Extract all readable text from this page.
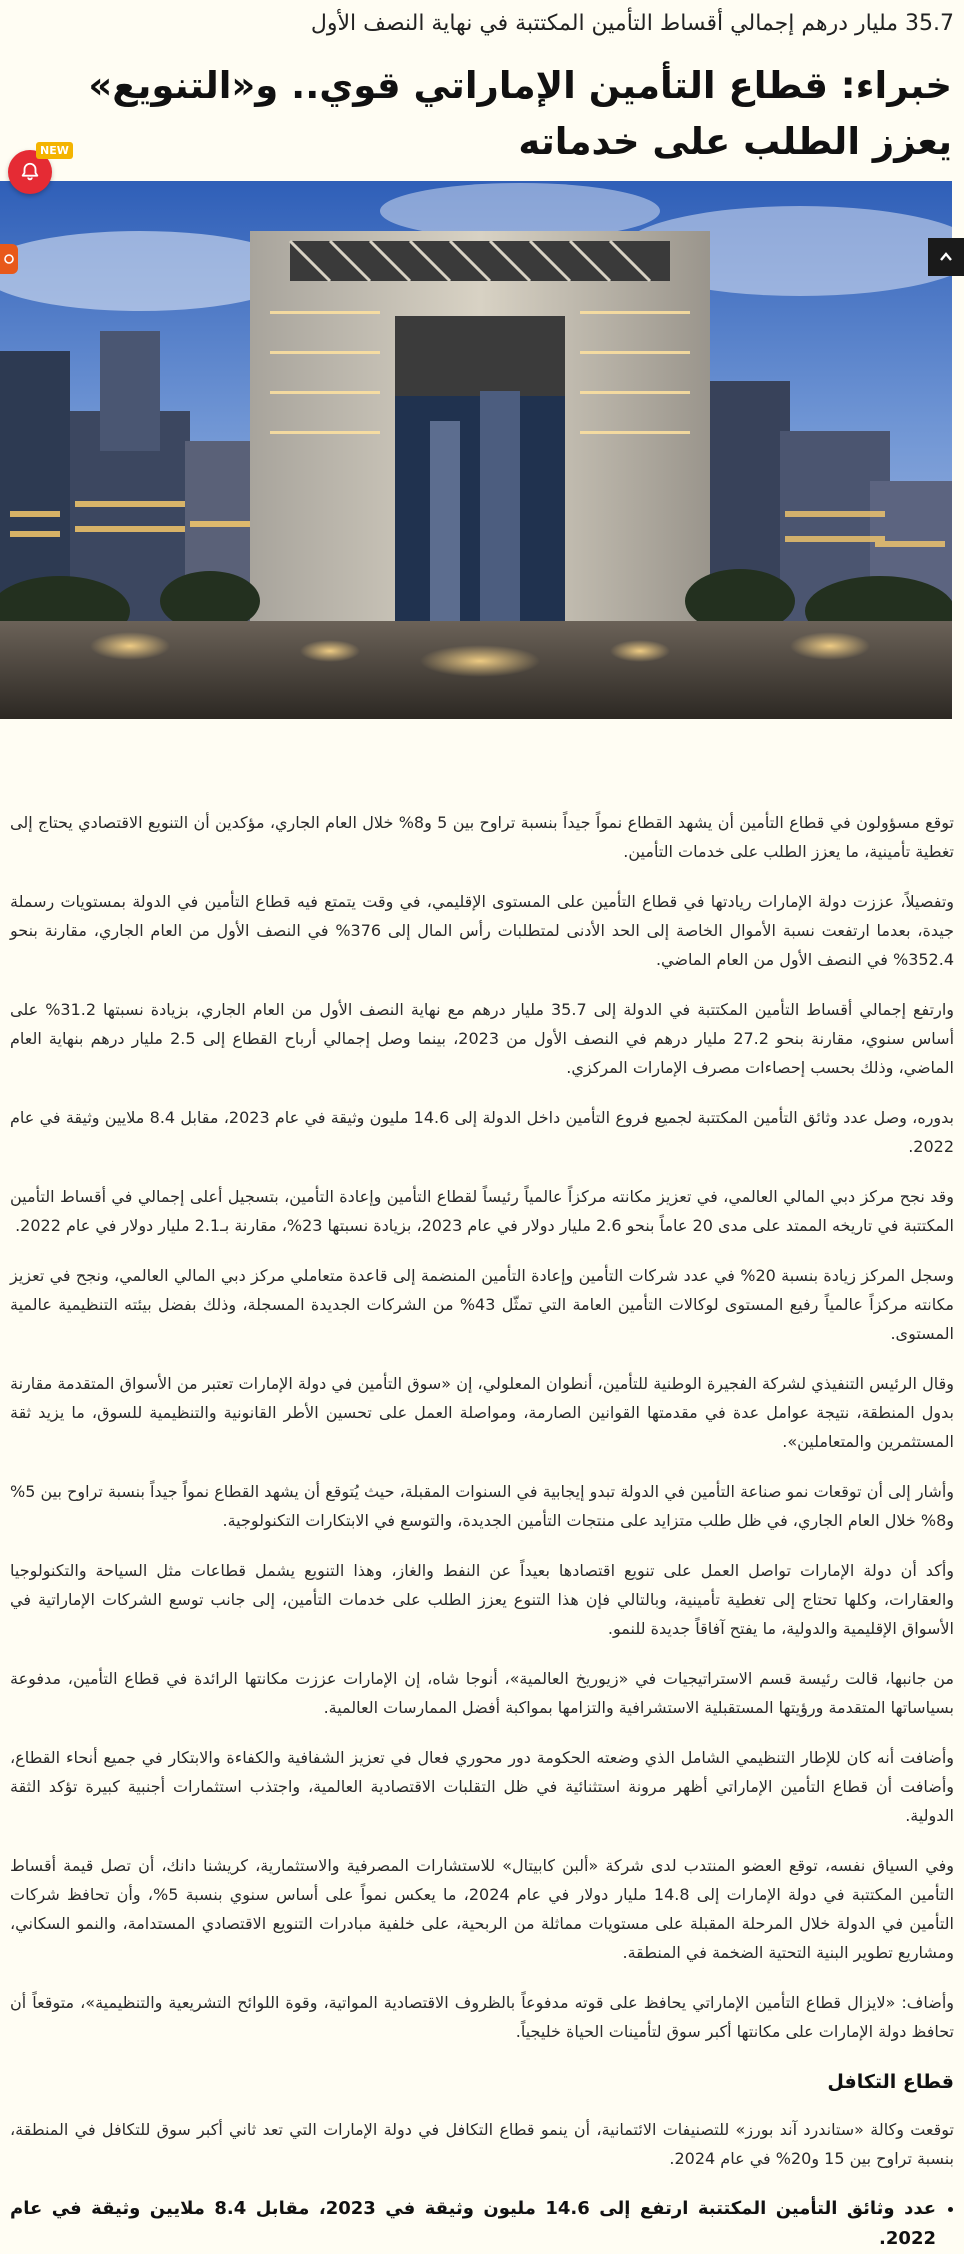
35.7 مليار درهم إجمالي أقساط التأمين المكتتبة في نهاية النصف الأول
خبراء: قطاع التأمين الإماراتي قوي.. و«التنويع» يعزز الطلب على خدماته

توقع مسؤولون في قطاع التأمين أن يشهد القطاع نمواً جيداً بنسبة تراوح بين 5 و8% خلال العام الجاري، مؤكدين أن التنويع الاقتصادي يحتاج إلى تغطية تأمينية، ما يعزز الطلب على خدمات التأمين.

وتفصيلاً، عززت دولة الإمارات ريادتها في قطاع التأمين على المستوى الإقليمي، في وقت يتمتع فيه قطاع التأمين في الدولة بمستويات رسملة جيدة، بعدما ارتفعت نسبة الأموال الخاصة إلى الحد الأدنى لمتطلبات رأس المال إلى 376% في النصف الأول من العام الجاري، مقارنة بنحو 352.4% في النصف الأول من العام الماضي.

وارتفع إجمالي أقساط التأمين المكتتبة في الدولة إلى 35.7 مليار درهم مع نهاية النصف الأول من العام الجاري، بزيادة نسبتها 31.2% على أساس سنوي، مقارنة بنحو 27.2 مليار درهم في النصف الأول من 2023، بينما وصل إجمالي أرباح القطاع إلى 2.5 مليار درهم بنهاية العام الماضي، وذلك بحسب إحصاءات مصرف الإمارات المركزي.

بدوره، وصل عدد وثائق التأمين المكتتبة لجميع فروع التأمين داخل الدولة إلى 14.6 مليون وثيقة في عام 2023، مقابل 8.4 ملايين وثيقة في عام 2022.

وقد نجح مركز دبي المالي العالمي، في تعزيز مكانته مركزاً عالمياً رئيساً لقطاع التأمين وإعادة التأمين، بتسجيل أعلى إجمالي في أقساط التأمين المكتتبة في تاريخه الممتد على مدى 20 عاماً بنحو 2.6 مليار دولار في عام 2023، بزيادة نسبتها 23%، مقارنة بـ2.1 مليار دولار في عام 2022.

وسجل المركز زيادة بنسبة 20% في عدد شركات التأمين وإعادة التأمين المنضمة إلى قاعدة متعاملي مركز دبي المالي العالمي، ونجح في تعزيز مكانته مركزاً عالمياً رفيع المستوى لوكالات التأمين العامة التي تمثّل 43% من الشركات الجديدة المسجلة، وذلك بفضل بيئته التنظيمية عالمية المستوى.

وقال الرئيس التنفيذي لشركة الفجيرة الوطنية للتأمين، أنطوان المعلولي، إن «سوق التأمين في دولة الإمارات تعتبر من الأسواق المتقدمة مقارنة بدول المنطقة، نتيجة عوامل عدة في مقدمتها القوانين الصارمة، ومواصلة العمل على تحسين الأطر القانونية والتنظيمية للسوق، ما يزيد ثقة المستثمرين والمتعاملين».

وأشار إلى أن توقعات نمو صناعة التأمين في الدولة تبدو إيجابية في السنوات المقبلة، حيث يُتوقع أن يشهد القطاع نمواً جيداً بنسبة تراوح بين 5% و8% خلال العام الجاري، في ظل طلب متزايد على منتجات التأمين الجديدة، والتوسع في الابتكارات التكنولوجية.

وأكد أن دولة الإمارات تواصل العمل على تنويع اقتصادها بعيداً عن النفط والغاز، وهذا التنويع يشمل قطاعات مثل السياحة والتكنولوجيا والعقارات، وكلها تحتاج إلى تغطية تأمينية، وبالتالي فإن هذا التنوع يعزز الطلب على خدمات التأمين، إلى جانب توسع الشركات الإماراتية في الأسواق الإقليمية والدولية، ما يفتح آفاقاً جديدة للنمو.

من جانبها، قالت رئيسة قسم الاستراتيجيات في «زيوريخ العالمية»، أنوجا شاه، إن الإمارات عززت مكانتها الرائدة في قطاع التأمين، مدفوعة بسياساتها المتقدمة ورؤيتها المستقبلية الاستشرافية والتزامها بمواكبة أفضل الممارسات العالمية.

وأضافت أنه كان للإطار التنظيمي الشامل الذي وضعته الحكومة دور محوري فعال في تعزيز الشفافية والكفاءة والابتكار في جميع أنحاء القطاع، وأضافت أن قطاع التأمين الإماراتي أظهر مرونة استثنائية في ظل التقلبات الاقتصادية العالمية، واجتذب استثمارات أجنبية كبيرة تؤكد الثقة الدولية.

وفي السياق نفسه، توقع العضو المنتدب لدى شركة «ألبن كابيتال» للاستشارات المصرفية والاستثمارية، كريشنا دانك، أن تصل قيمة أقساط التأمين المكتتبة في دولة الإمارات إلى 14.8 مليار دولار في عام 2024، ما يعكس نمواً على أساس سنوي بنسبة 5%، وأن تحافظ شركات التأمين في الدولة خلال المرحلة المقبلة على مستويات مماثلة من الربحية، على خلفية مبادرات التنويع الاقتصادي المستدامة، والنمو السكاني، ومشاريع تطوير البنية التحتية الضخمة في المنطقة.

وأضاف: «لايزال قطاع التأمين الإماراتي يحافظ على قوته مدفوعاً بالظروف الاقتصادية المواتية، وقوة اللوائح التشريعية والتنظيمية»، متوقعاً أن تحافظ دولة الإمارات على مكانتها أكبر سوق لتأمينات الحياة خليجياً.

قطاع التكافل

توقعت وكالة «ستاندرد آند بورز» للتصنيفات الائتمانية، أن ينمو قطاع التكافل في دولة الإمارات التي تعد ثاني أكبر سوق للتكافل في المنطقة، بنسبة تراوح بين 15 و20% في عام 2024.

• عدد وثائق التأمين المكتتبة ارتفع إلى 14.6 مليون وثيقة في 2023، مقابل 8.4 ملايين وثيقة في عام 2022.
NEW
